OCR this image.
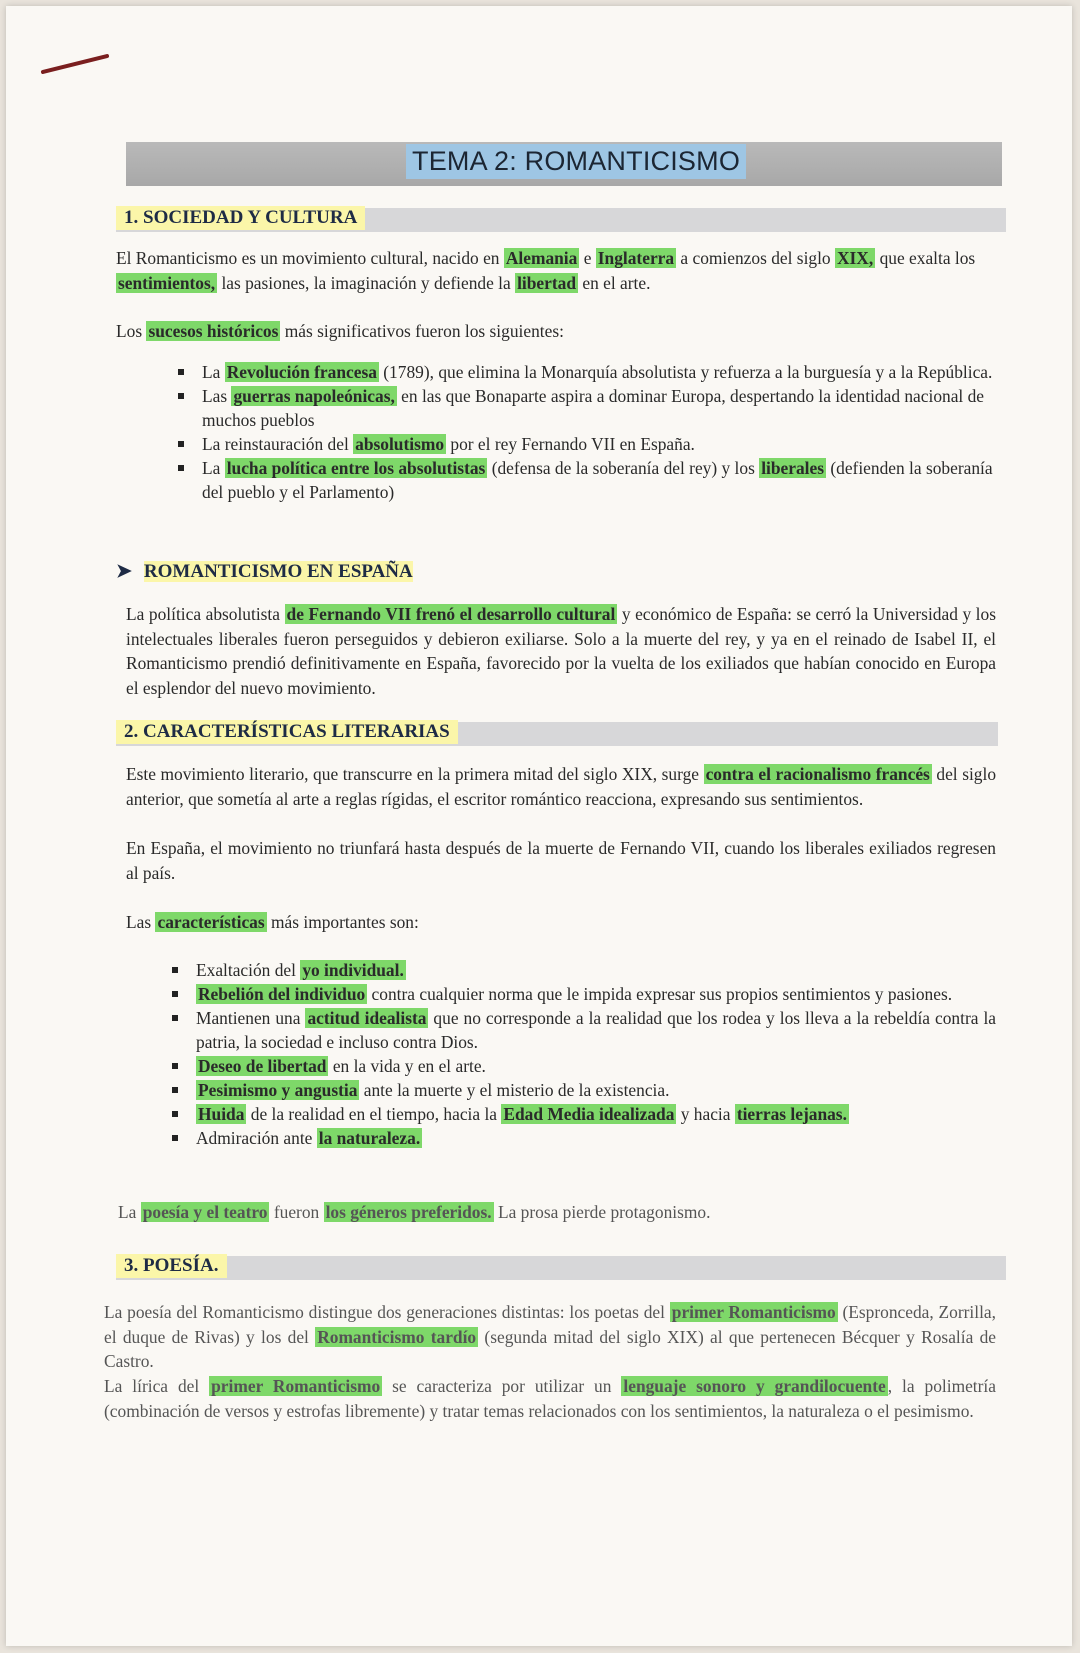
TEMA 2: ROMANTICISMO
1. SOCIEDAD Y CULTURA

El Romanticismo es un movimiento cultural, nacido en Alemania e Inglaterra a comienzos del siglo XIX, que exalta los sentimientos, las pasiones, la imaginación y defiende la libertad en el arte.

Los sucesos históricos más significativos fueron los siguientes:

La Revolución francesa (1789), que elimina la Monarquía absolutista y refuerza a la burguesía y a la República.
Las guerras napoleónicas, en las que Bonaparte aspira a dominar Europa, despertando la identidad nacional de muchos pueblos
La reinstauración del absolutismo por el rey Fernando VII en España.
La lucha política entre los absolutistas (defensa de la soberanía del rey) y los liberales (defienden la soberanía del pueblo y el Parlamento)
➤ ROMANTICISMO EN ESPAÑA

La política absolutista de Fernando VII frenó el desarrollo cultural y económico de España: se cerró la Universidad y los intelectuales liberales fueron perseguidos y debieron exiliarse. Solo a la muerte del rey, y ya en el reinado de Isabel II, el Romanticismo prendió definitivamente en España, favorecido por la vuelta de los exiliados que habían conocido en Europa el esplendor del nuevo movimiento.

2. CARACTERÍSTICAS LITERARIAS

Este movimiento literario, que transcurre en la primera mitad del siglo XIX, surge contra el racionalismo francés del siglo anterior, que sometía al arte a reglas rígidas, el escritor romántico reacciona, expresando sus sentimientos.

En España, el movimiento no triunfará hasta después de la muerte de Fernando VII, cuando los liberales exiliados regresen al país.

Las características más importantes son:

Exaltación del yo individual.
Rebelión del individuo contra cualquier norma que le impida expresar sus propios sentimientos y pasiones.
Mantienen una actitud idealista que no corresponde a la realidad que los rodea y los lleva a la rebeldía contra la patria, la sociedad e incluso contra Dios.
Deseo de libertad en la vida y en el arte.
Pesimismo y angustia ante la muerte y el misterio de la existencia.
Huida de la realidad en el tiempo, hacia la Edad Media idealizada y hacia tierras lejanas.
Admiración ante la naturaleza.

La poesía y el teatro fueron los géneros preferidos. La prosa pierde protagonismo.

3. POESÍA.

La poesía del Romanticismo distingue dos generaciones distintas: los poetas del primer Romanticismo (Espronceda, Zorrilla, el duque de Rivas) y los del Romanticismo tardío (segunda mitad del siglo XIX) al que pertenecen Bécquer y Rosalía de Castro.

La lírica del primer Romanticismo se caracteriza por utilizar un lenguaje sonoro y grandilocuente , la polimetría (combinación de versos y estrofas libremente) y tratar temas relacionados con los sentimientos, la naturaleza o el pesimismo.
